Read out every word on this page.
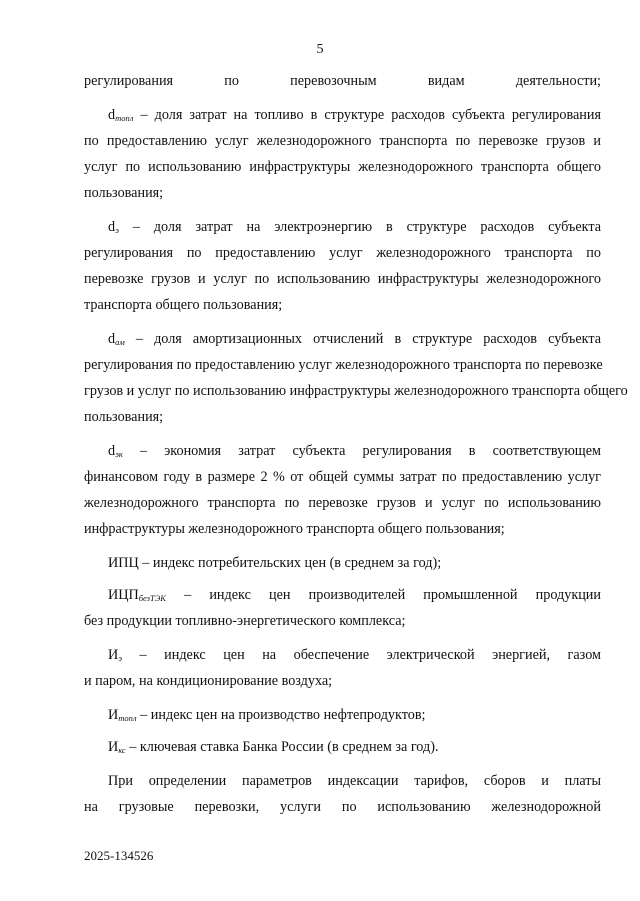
5
регулирования по перевозочным видам деятельности;
$d_{топл}$ – доля затрат на топливо в структуре расходов субъекта регулирования
по предоставлению услуг железнодорожного транспорта по перевозке грузов и
услуг по использованию инфраструктуры железнодорожного транспорта общего
пользования;
$d_э$ – доля затрат на электроэнергию в структуре расходов субъекта
регулирования по предоставлению услуг железнодорожного транспорта по
перевозке грузов и услуг по использованию инфраструктуры железнодорожного
транспорта общего пользования;
$d_{ам}$ – доля амортизационных отчислений в структуре расходов субъекта
регулирования по предоставлению услуг железнодорожного транспорта по перевозке
грузов и услуг по использованию инфраструктуры железнодорожного транспорта общего
пользования;
$d_{эк}$ – экономия затрат субъекта регулирования в соответствующем
финансовом году в размере 2 % от общей суммы затрат по предоставлению услуг
железнодорожного транспорта по перевозке грузов и услуг по использованию
инфраструктуры железнодорожного транспорта общего пользования;
ИПЦ – индекс потребительских цен (в среднем за год);
$ИЦП_{безТЭК}$ – индекс цен производителей промышленной продукции
без продукции топливно-энергетического комплекса;
$И_э$ – индекс цен на обеспечение электрической энергией, газом
и паром, на кондиционирование воздуха;
$И_{топл}$ – индекс цен на производство нефтепродуктов;
$И_{кс}$ – ключевая ставка Банка России (в среднем за год).
При определении параметров индексации тарифов, сборов и платы
на грузовые перевозки, услуги по использованию железнодорожной
2025-134526
